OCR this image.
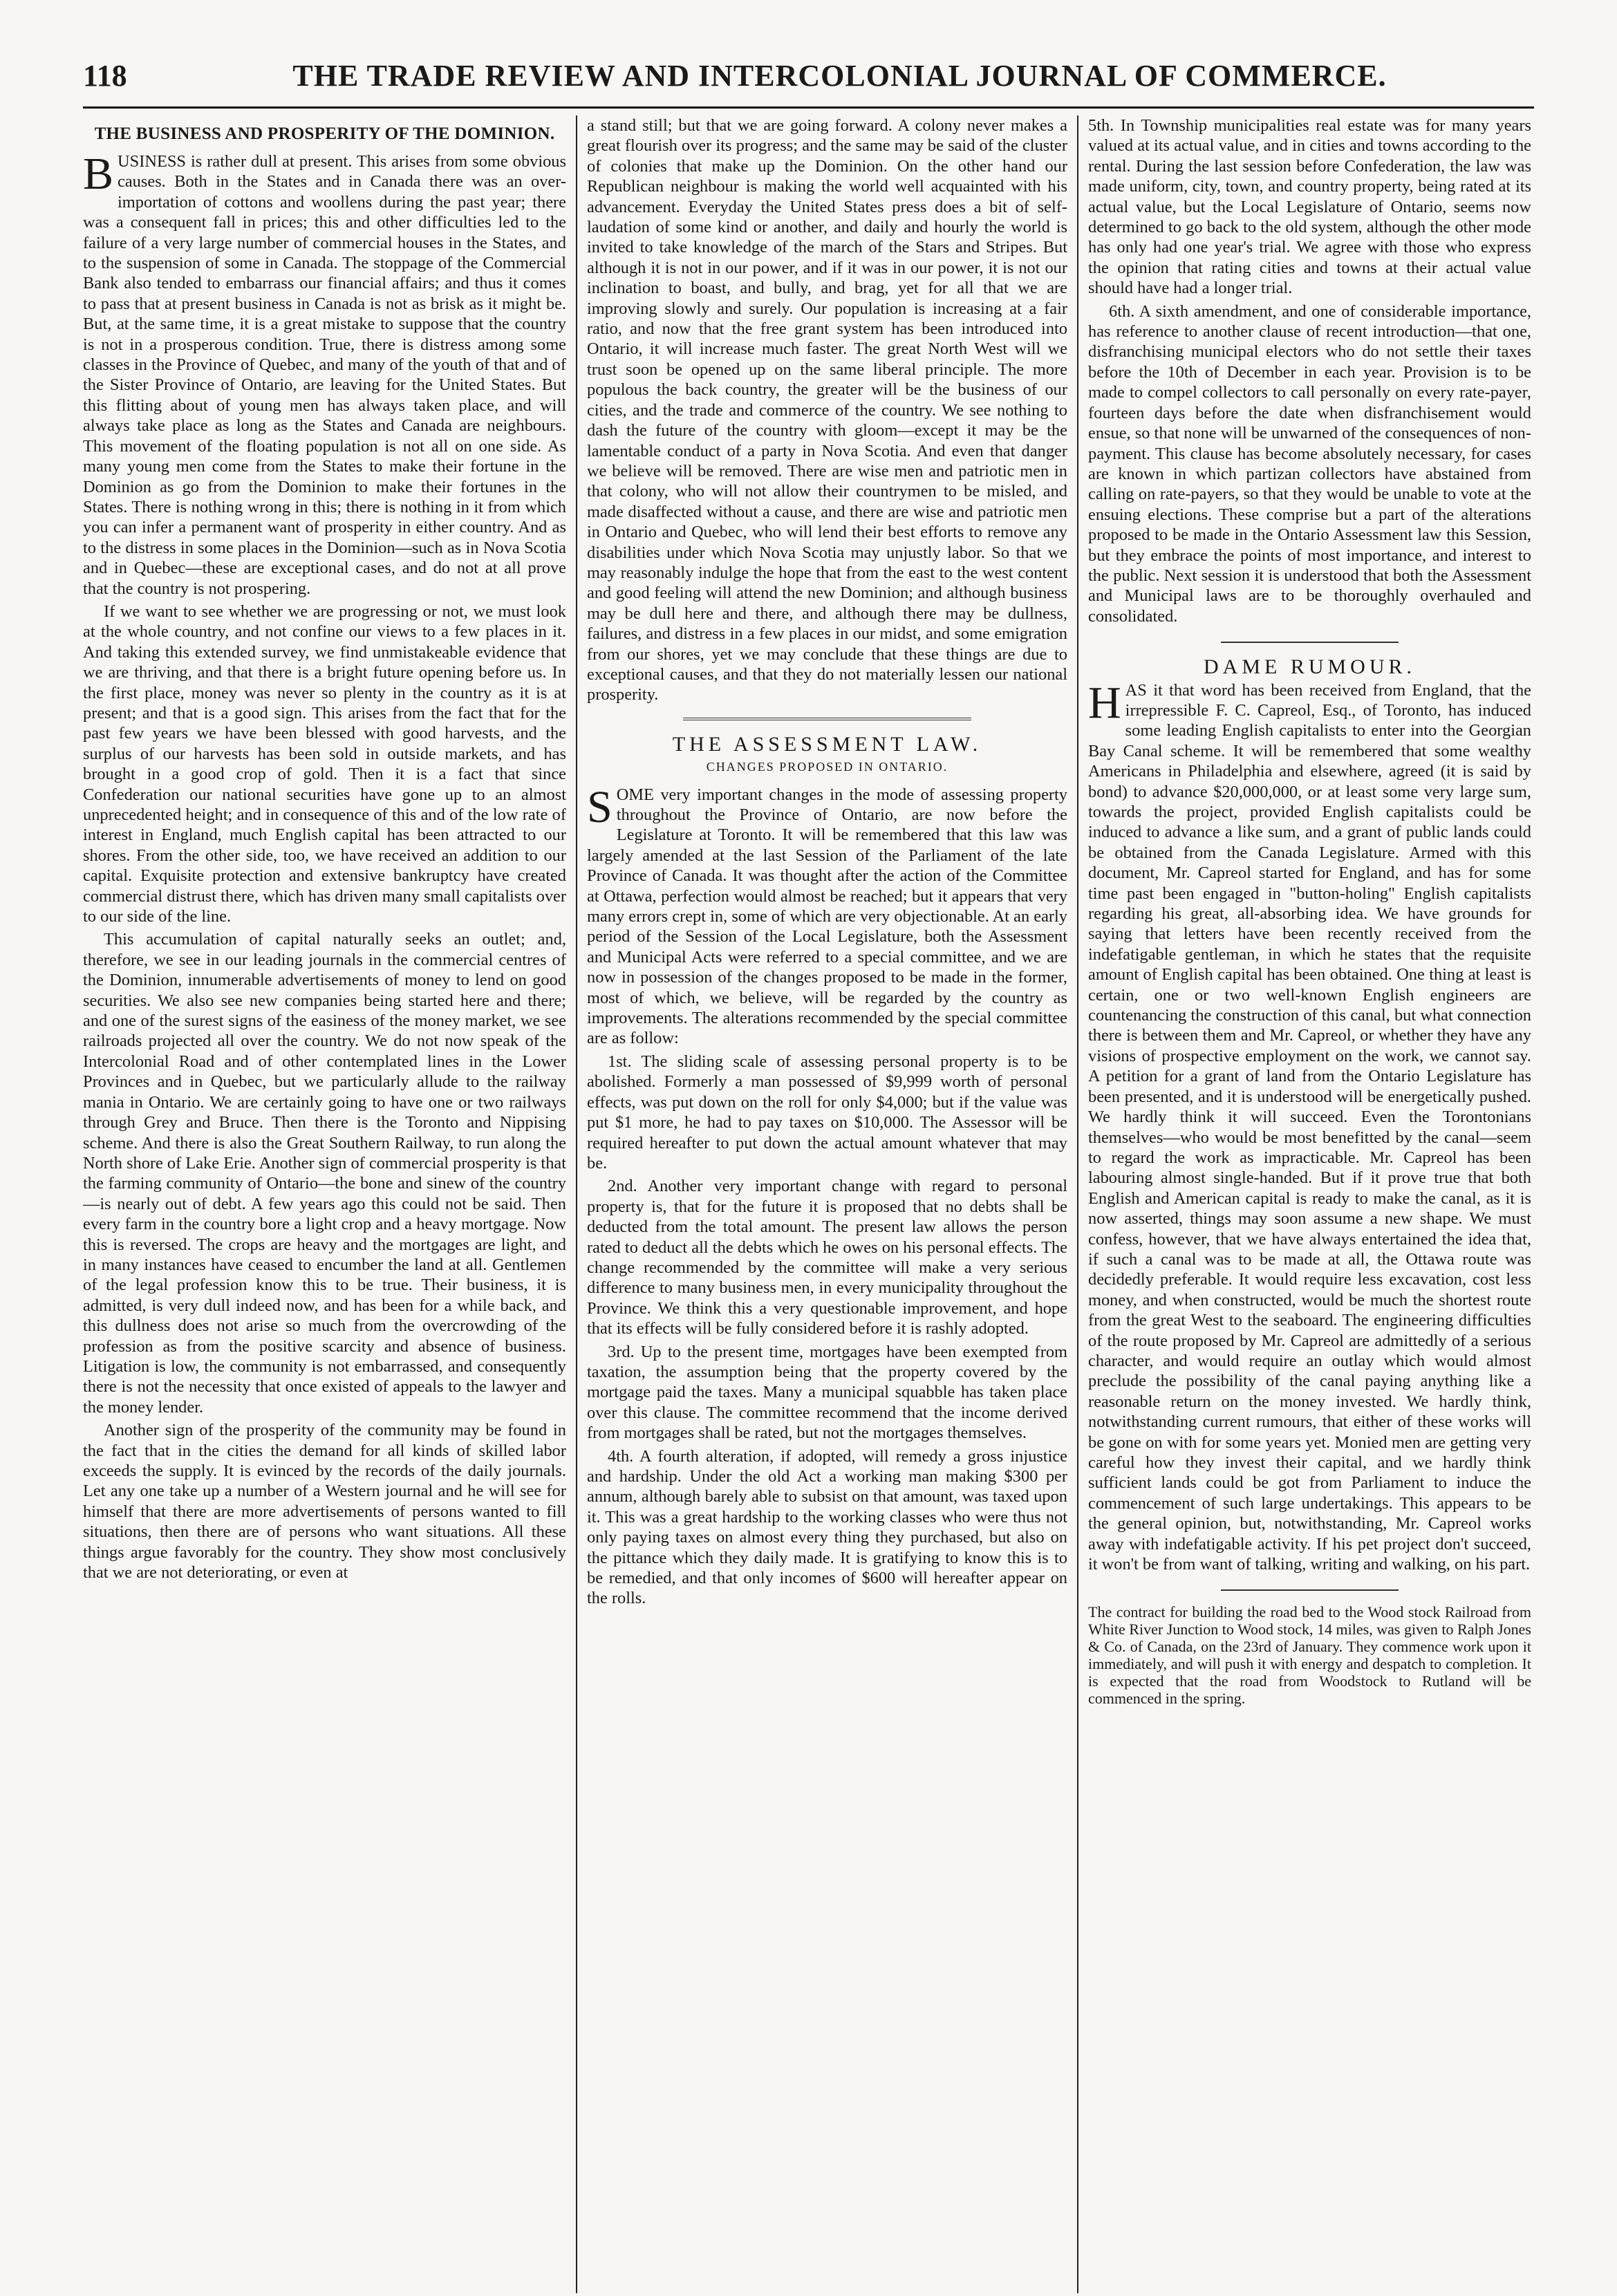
118	THE TRADE REVIEW AND INTERCOLONIAL JOURNAL OF COMMERCE.
THE BUSINESS AND PROSPERITY OF THE DOMINION.

BUSINESS is rather dull at present. This arises from some obvious causes. Both in the States and in Canada there was an over-importation of cottons and woollens during the past year; there was a consequent fall in prices; this and other difficulties led to the failure of a very large number of commercial houses in the States, and to the suspension of some in Canada. The stoppage of the Commercial Bank also tended to embarrass our financial affairs; and thus it comes to pass that at present business in Canada is not as brisk as it might be. But, at the same time, it is a great mistake to suppose that the country is not in a prosperous condition. True, there is distress among some classes in the Province of Quebec, and many of the youth of that and of the Sister Province of Ontario, are leaving for the United States. But this flitting about of young men has always taken place, and will always take place as long as the States and Canada are neighbours. This movement of the floating population is not all on one side. As many young men come from the States to make their fortune in the Dominion as go from the Dominion to make their fortunes in the States. There is nothing wrong in this; there is nothing in it from which you can infer a permanent want of prosperity in either country. And as to the distress in some places in the Dominion—such as in Nova Scotia and in Quebec—these are exceptional cases, and do not at all prove that the country is not prospering.

If we want to see whether we are progressing or not, we must look at the whole country, and not confine our views to a few places in it. And taking this extended survey, we find unmistakeable evidence that we are thriving, and that there is a bright future opening before us. In the first place, money was never so plenty in the country as it is at present; and that is a good sign. This arises from the fact that for the past few years we have been blessed with good harvests, and the surplus of our harvests has been sold in outside markets, and has brought in a good crop of gold. Then it is a fact that since Confederation our national securities have gone up to an almost unprecedented height; and in consequence of this and of the low rate of interest in England, much English capital has been attracted to our shores. From the other side, too, we have received an addition to our capital. Exquisite protection and extensive bankruptcy have created commercial distrust there, which has driven many small capitalists over to our side of the line.

This accumulation of capital naturally seeks an outlet; and, therefore, we see in our leading journals in the commercial centres of the Dominion, innumerable advertisements of money to lend on good securities. We also see new companies being started here and there; and one of the surest signs of the easiness of the money market, we see railroads projected all over the country. We do not now speak of the Intercolonial Road and of other contemplated lines in the Lower Provinces and in Quebec, but we particularly allude to the railway mania in Ontario. We are certainly going to have one or two railways through Grey and Bruce. Then there is the Toronto and Nippising scheme. And there is also the Great Southern Railway, to run along the North shore of Lake Erie. Another sign of commercial prosperity is that the farming community of Ontario—the bone and sinew of the country—is nearly out of debt. A few years ago this could not be said. Then every farm in the country bore a light crop and a heavy mortgage. Now this is reversed. The crops are heavy and the mortgages are light, and in many instances have ceased to encumber the land at all. Gentlemen of the legal profession know this to be true. Their business, it is admitted, is very dull indeed now, and has been for a while back, and this dullness does not arise so much from the overcrowding of the profession as from the positive scarcity and absence of business. Litigation is low, the community is not embarrassed, and consequently there is not the necessity that once existed of appeals to the lawyer and the money lender.

Another sign of the prosperity of the community may be found in the fact that in the cities the demand for all kinds of skilled labor exceeds the supply. It is evinced by the records of the daily journals. Let any one take up a number of a Western journal and he will see for himself that there are more advertisements of persons wanted to fill situations, then there are of persons who want situations. All these things argue favorably for the country. They show most conclusively that we are not deteriorating, or even at

a stand still; but that we are going forward. A colony never makes a great flourish over its progress; and the same may be said of the cluster of colonies that make up the Dominion. On the other hand our Republican neighbour is making the world well acquainted with his advancement. Everyday the United States press does a bit of self-laudation of some kind or another, and daily and hourly the world is invited to take knowledge of the march of the Stars and Stripes. But although it is not in our power, and if it was in our power, it is not our inclination to boast, and bully, and brag, yet for all that we are improving slowly and surely. Our population is increasing at a fair ratio, and now that the free grant system has been introduced into Ontario, it will increase much faster. The great North West will we trust soon be opened up on the same liberal principle. The more populous the back country, the greater will be the business of our cities, and the trade and commerce of the country. We see nothing to dash the future of the country with gloom—except it may be the lamentable conduct of a party in Nova Scotia. And even that danger we believe will be removed. There are wise men and patriotic men in that colony, who will not allow their countrymen to be misled, and made disaffected without a cause, and there are wise and patriotic men in Ontario and Quebec, who will lend their best efforts to remove any disabilities under which Nova Scotia may unjustly labor. So that we may reasonably indulge the hope that from the east to the west content and good feeling will attend the new Dominion; and although business may be dull here and there, and although there may be dullness, failures, and distress in a few places in our midst, and some emigration from our shores, yet we may conclude that these things are due to exceptional causes, and that they do not materially lessen our national prosperity.

THE ASSESSMENT LAW.
CHANGES PROPOSED IN ONTARIO.

SOME very important changes in the mode of assessing property throughout the Province of Ontario, are now before the Legislature at Toronto. It will be remembered that this law was largely amended at the last Session of the Parliament of the late Province of Canada. It was thought after the action of the Committee at Ottawa, perfection would almost be reached; but it appears that very many errors crept in, some of which are very objectionable. At an early period of the Session of the Local Legislature, both the Assessment and Municipal Acts were referred to a special committee, and we are now in possession of the changes proposed to be made in the former, most of which, we believe, will be regarded by the country as improvements. The alterations recommended by the special committee are as follow:

1st. The sliding scale of assessing personal property is to be abolished. Formerly a man possessed of $9,999 worth of personal effects, was put down on the roll for only $4,000; but if the value was put $1 more, he had to pay taxes on $10,000. The Assessor will be required hereafter to put down the actual amount whatever that may be.

2nd. Another very important change with regard to personal property is, that for the future it is proposed that no debts shall be deducted from the total amount. The present law allows the person rated to deduct all the debts which he owes on his personal effects. The change recommended by the committee will make a very serious difference to many business men, in every municipality throughout the Province. We think this a very questionable improvement, and hope that its effects will be fully considered before it is rashly adopted.

3rd. Up to the present time, mortgages have been exempted from taxation, the assumption being that the property covered by the mortgage paid the taxes. Many a municipal squabble has taken place over this clause. The committee recommend that the income derived from mortgages shall be rated, but not the mortgages themselves.

4th. A fourth alteration, if adopted, will remedy a gross injustice and hardship. Under the old Act a working man making $300 per annum, although barely able to subsist on that amount, was taxed upon it. This was a great hardship to the working classes who were thus not only paying taxes on almost every thing they purchased, but also on the pittance which they daily made. It is gratifying to know this is to be remedied, and that only incomes of $600 will hereafter appear on the rolls.

5th. In Township municipalities real estate was for many years valued at its actual value, and in cities and towns according to the rental. During the last session before Confederation, the law was made uniform, city, town, and country property, being rated at its actual value, but the Local Legislature of Ontario, seems now determined to go back to the old system, although the other mode has only had one year's trial. We agree with those who express the opinion that rating cities and towns at their actual value should have had a longer trial.

6th. A sixth amendment, and one of considerable importance, has reference to another clause of recent introduction—that one, disfranchising municipal electors who do not settle their taxes before the 10th of December in each year. Provision is to be made to compel collectors to call personally on every rate-payer, fourteen days before the date when disfranchisement would ensue, so that none will be unwarned of the consequences of non-payment. This clause has become absolutely necessary, for cases are known in which partizan collectors have abstained from calling on rate-payers, so that they would be unable to vote at the ensuing elections. These comprise but a part of the alterations proposed to be made in the Ontario Assessment law this Session, but they embrace the points of most importance, and interest to the public. Next session it is understood that both the Assessment and Municipal laws are to be thoroughly overhauled and consolidated.

DAME RUMOUR.

HAS it that word has been received from England, that the irrepressible F. C. Capreol, Esq., of Toronto, has induced some leading English capitalists to enter into the Georgian Bay Canal scheme. It will be remembered that some wealthy Americans in Philadelphia and elsewhere, agreed (it is said by bond) to advance $20,000,000, or at least some very large sum, towards the project, provided English capitalists could be induced to advance a like sum, and a grant of public lands could be obtained from the Canada Legislature. Armed with this document, Mr. Capreol started for England, and has for some time past been engaged in "button-holing" English capitalists regarding his great, all-absorbing idea. We have grounds for saying that letters have been recently received from the indefatigable gentleman, in which he states that the requisite amount of English capital has been obtained. One thing at least is certain, one or two well-known English engineers are countenancing the construction of this canal, but what connection there is between them and Mr. Capreol, or whether they have any visions of prospective employment on the work, we cannot say. A petition for a grant of land from the Ontario Legislature has been presented, and it is understood will be energetically pushed. We hardly think it will succeed. Even the Torontonians themselves—who would be most benefitted by the canal—seem to regard the work as impracticable. Mr. Capreol has been labouring almost single-handed. But if it prove true that both English and American capital is ready to make the canal, as it is now asserted, things may soon assume a new shape. We must confess, however, that we have always entertained the idea that, if such a canal was to be made at all, the Ottawa route was decidedly preferable. It would require less excavation, cost less money, and when constructed, would be much the shortest route from the great West to the seaboard. The engineering difficulties of the route proposed by Mr. Capreol are admittedly of a serious character, and would require an outlay which would almost preclude the possibility of the canal paying anything like a reasonable return on the money invested. We hardly think, notwithstanding current rumours, that either of these works will be gone on with for some years yet. Monied men are getting very careful how they invest their capital, and we hardly think sufficient lands could be got from Parliament to induce the commencement of such large undertakings. This appears to be the general opinion, but, notwithstanding, Mr. Capreol works away with indefatigable activity. If his pet project don't succeed, it won't be from want of talking, writing and walking, on his part.

The contract for building the road bed to the Wood stock Railroad from White River Junction to Wood stock, 14 miles, was given to Ralph Jones & Co. of Canada, on the 23rd of January. They commence work upon it immediately, and will push it with energy and despatch to completion. It is expected that the road from Woodstock to Rutland will be commenced in the spring.
